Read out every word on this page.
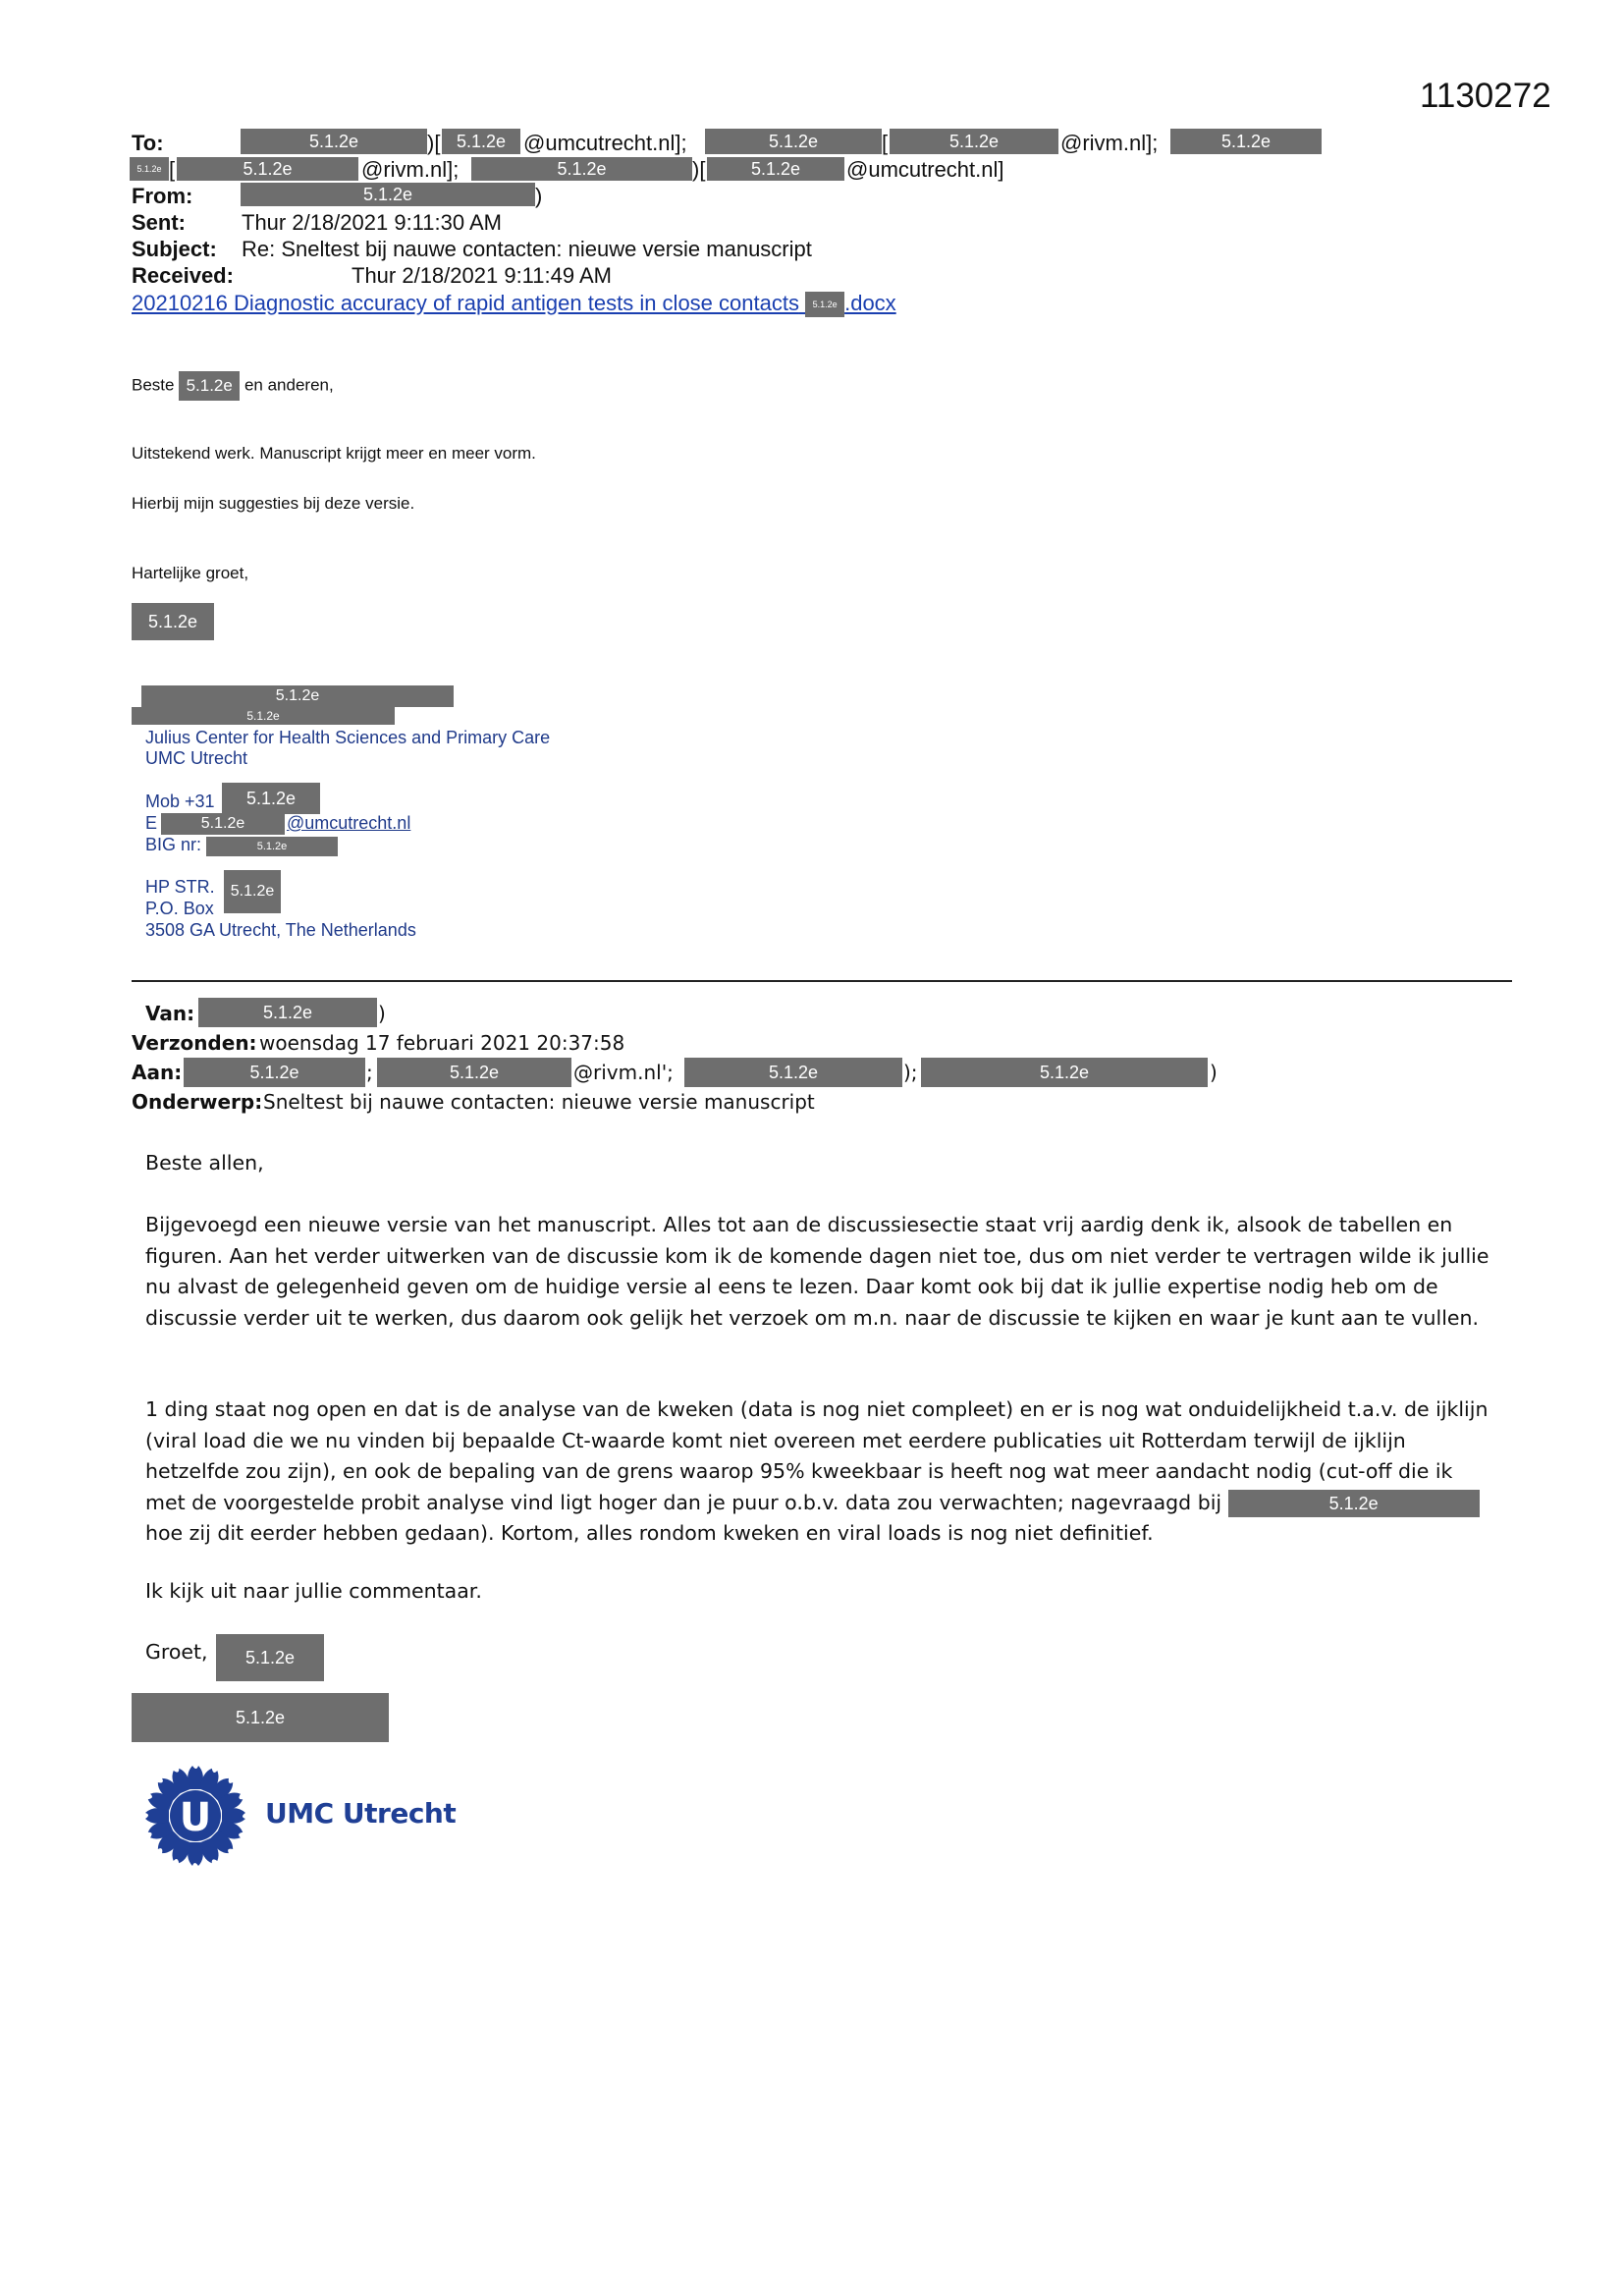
1130272
To:	5.1.2e	)[ 5.1.2e @umcutrecht.nl];	5.1.2e	[	5.1.2e	@rivm.nl];	5.1.2e
5.1.2e [	5.1.2e	@rivm.nl];	5.1.2e	)[	5.1.2e	@umcutrecht.nl]
From:	5.1.2e	)
Sent:	Thur 2/18/2021 9:11:30 AM
Subject: Re: Sneltest bij nauwe contacten: nieuwe versie manuscript
Received:	Thur 2/18/2021 9:11:49 AM
20210216 Diagnostic accuracy of rapid antigen tests in close contacts 5.1.2e .docx
Beste 5.1.2e en anderen,
Uitstekend werk. Manuscript krijgt meer en meer vorm.
Hierbij mijn suggesties bij deze versie.
Hartelijke groet,
5.1.2e
5.1.2e
5.1.2e
Julius Center for Health Sciences and Primary Care
UMC Utrecht
Mob +31	5.1.2e
E	5.1.2e	@umcutrecht.nl
BIG nr:	5.1.2e
HP STR.
P.O. Box
5.1.2e
3508 GA Utrecht, The Netherlands
Van:	5.1.2e	)
Verzonden: woensdag 17 februari 2021 20:37:58
Aan:	5.1.2e	;	5.1.2e	@rivm.nl';	5.1.2e	);	5.1.2e	)
Onderwerp: Sneltest bij nauwe contacten: nieuwe versie manuscript
Beste allen,
Bijgevoegd een nieuwe versie van het manuscript. Alles tot aan de discussiesectie staat vrij aardig denk ik, alsook de tabellen en figuren. Aan het verder uitwerken van de discussie kom ik de komende dagen niet toe, dus om niet verder te vertragen wilde ik jullie nu alvast de gelegenheid geven om de huidige versie al eens te lezen. Daar komt ook bij dat ik jullie expertise nodig heb om de discussie verder uit te werken, dus daarom ook gelijk het verzoek om m.n. naar de discussie te kijken en waar je kunt aan te vullen.
1 ding staat nog open en dat is de analyse van de kweken (data is nog niet compleet) en er is nog wat onduidelijkheid t.a.v. de ijklijn (viral load die we nu vinden bij bepaalde Ct-waarde komt niet overeen met eerdere publicaties uit Rotterdam terwijl de ijklijn hetzelfde zou zijn), en ook de bepaling van de grens waarop 95% kweekbaar is heeft nog wat meer aandacht nodig (cut-off die ik met de voorgestelde probit analyse vind ligt hoger dan je puur o.b.v. data zou verwachten; nagevraagd bij	5.1.2e hoe zij dit eerder hebben gedaan). Kortom, alles rondom kweken en viral loads is nog niet definitief.
Ik kijk uit naar jullie commentaar.
Groet,	5.1.2e
5.1.2e
U UMC Utrecht
